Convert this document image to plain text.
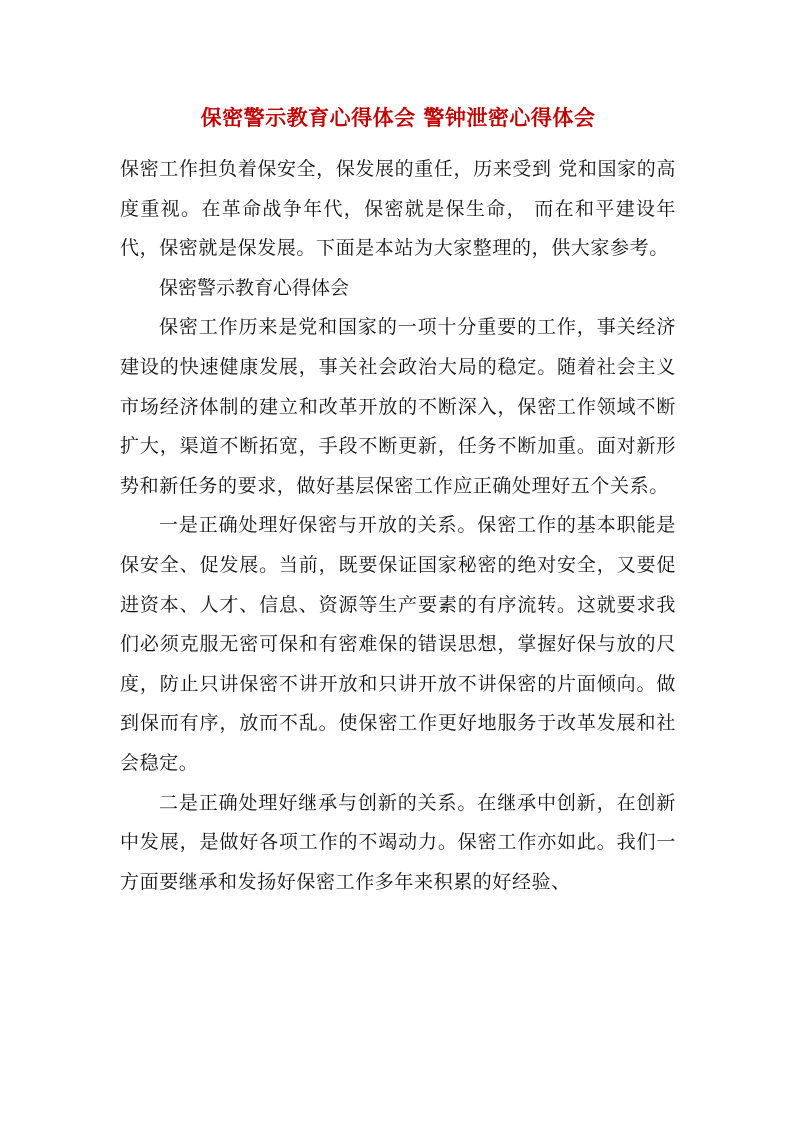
保密警示教育心得体会 警钟泄密心得体会

保密工作担负着保安全，保发展的重任，历来受到 党和国家的高度重视。在革命战争年代，保密就是保生命， 而在和平建设年代，保密就是保发展。下面是本站为大家整理的，供大家参考。

保密警示教育心得体会

保密工作历来是党和国家的一项十分重要的工作，事关经济建设的快速健康发展，事关社会政治大局的稳定。随着社会主义市场经济体制的建立和改革开放的不断深入，保密工作领域不断扩大，渠道不断拓宽，手段不断更新，任务不断加重。面对新形势和新任务的要求，做好基层保密工作应正确处理好五个关系。

一是正确处理好保密与开放的关系。保密工作的基本职能是保安全、促发展。当前，既要保证国家秘密的绝对安全，又要促进资本、人才、信息、资源等生产要素的有序流转。这就要求我们必须克服无密可保和有密难保的错误思想，掌握好保与放的尺度，防止只讲保密不讲开放和只讲开放不讲保密的片面倾向。做到保而有序，放而不乱。使保密工作更好地服务于改革发展和社会稳定。

二是正确处理好继承与创新的关系。在继承中创新，在创新中发展，是做好各项工作的不竭动力。保密工作亦如此。我们一方面要继承和发扬好保密工作多年来积累的好经验、
